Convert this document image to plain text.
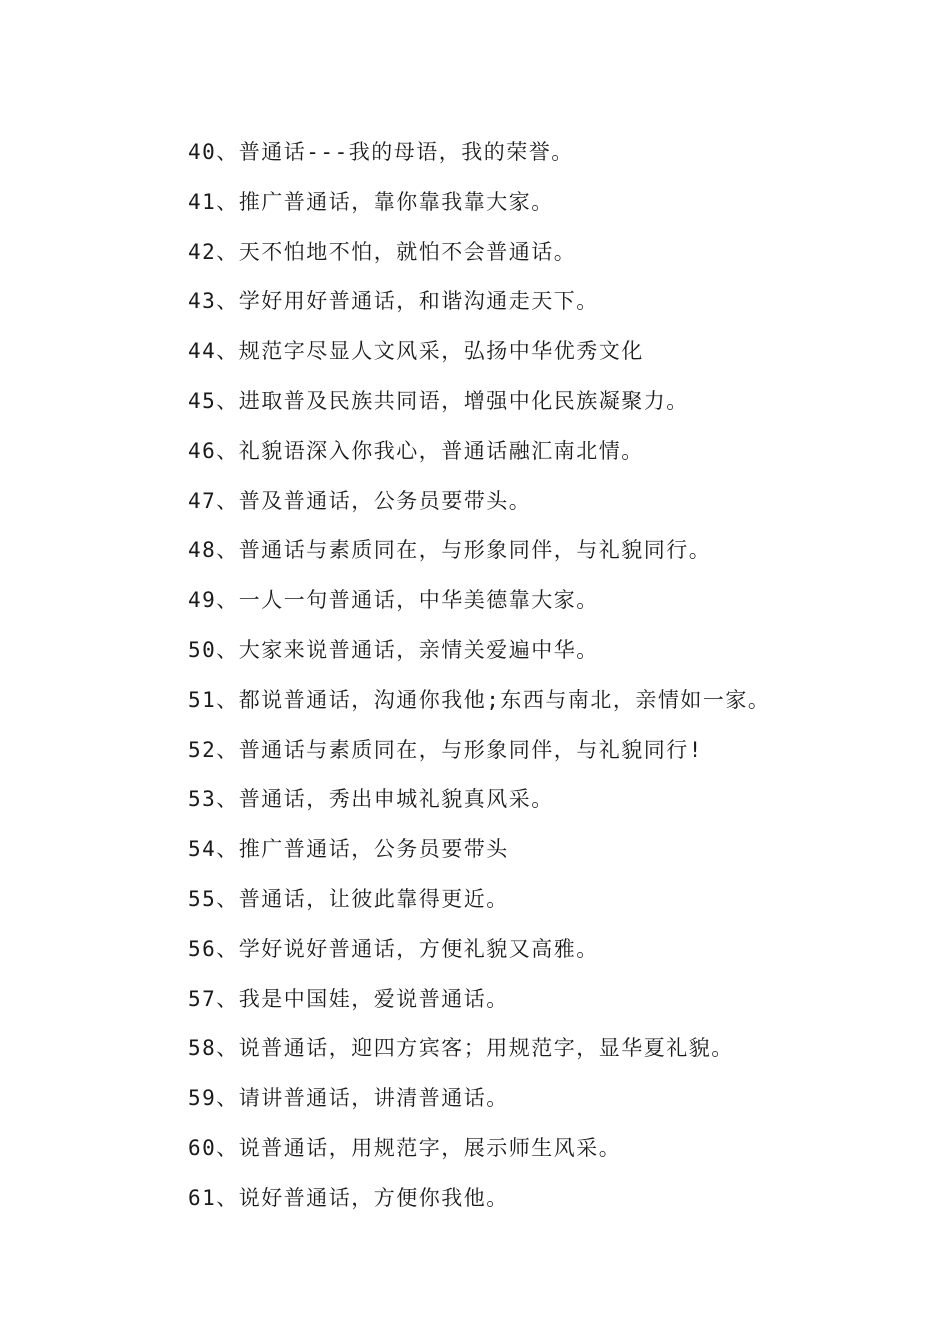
40、普通话---我的母语，我的荣誉。
41、推广普通话，靠你靠我靠大家。
42、天不怕地不怕，就怕不会普通话。
43、学好用好普通话，和谐沟通走天下。
44、规范字尽显人文风采，弘扬中华优秀文化
45、进取普及民族共同语，增强中化民族凝聚力。
46、礼貌语深入你我心，普通话融汇南北情。
47、普及普通话，公务员要带头。
48、普通话与素质同在，与形象同伴，与礼貌同行。
49、一人一句普通话，中华美德靠大家。
50、大家来说普通话，亲情关爱遍中华。
51、都说普通话，沟通你我他;东西与南北，亲情如一家。
52、普通话与素质同在，与形象同伴，与礼貌同行!
53、普通话，秀出申城礼貌真风采。
54、推广普通话，公务员要带头
55、普通话，让彼此靠得更近。
56、学好说好普通话，方便礼貌又高雅。
57、我是中国娃，爱说普通话。
58、说普通话，迎四方宾客；用规范字，显华夏礼貌。
59、请讲普通话，讲清普通话。
60、说普通话，用规范字，展示师生风采。
61、说好普通话，方便你我他。
